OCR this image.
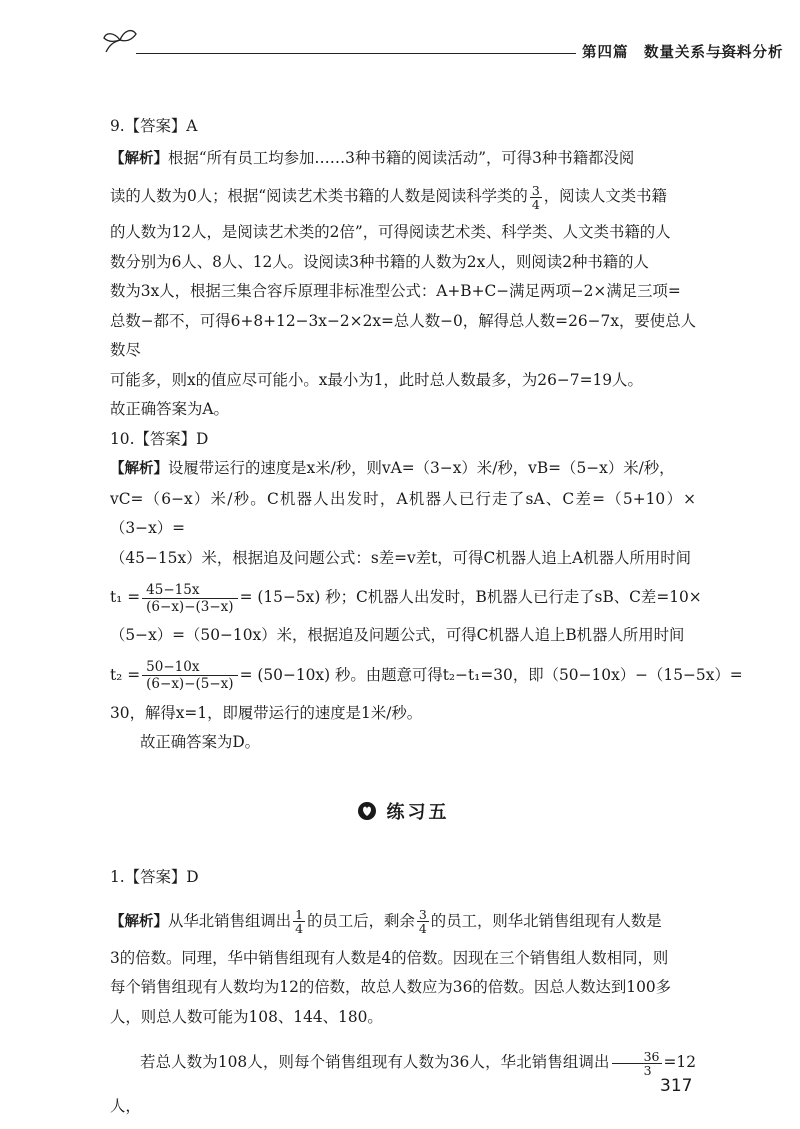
第四篇　数量关系与资料分析

9.【答案】A

【解析】根据“所有员工均参加……3种书籍的阅读活动”，可得3种书籍都没阅

读的人数为0人；根据“阅读艺术类书籍的人数是阅读科学类的 $\frac{3}{4}$ ，阅读人文类书籍

的人数为12人，是阅读艺术类的2倍”，可得阅读艺术类、科学类、人文类书籍的人

数分别为6人、8人、12人。设阅读3种书籍的人数为2x人，则阅读2种书籍的人

数为3x人，根据三集合容斥原理非标准型公式：A+B+C−满足两项−2×满足三项=

总数−都不，可得6+8+12−3x−2×2x=总人数−0，解得总人数=26−7x，要使总人数尽

可能多，则x的值应尽可能小。x最小为1，此时总人数最多，为26−7=19人。

故正确答案为A。

10.【答案】D

【解析】设履带运行的速度是x米/秒，则vA=（3−x）米/秒，vB=（5−x）米/秒，

vC=（6−x）米/秒。C机器人出发时，A机器人已行走了sA、C差=（5+10）×（3−x）=

（45−15x）米，根据追及问题公式：s差=v差t，可得C机器人追上A机器人所用时间

$t_1 = \frac{45-15x}{(6-x)-(3-x)} = (15-5x)$ 秒；C机器人出发时，B机器人已行走了sB、C差=10×

（5−x）=（50−10x）米，根据追及问题公式，可得C机器人追上B机器人所用时间

$t_2 = \frac{50-10x}{(6-x)-(5-x)} = (50-10x)$ 秒。由题意可得t₂−t₁=30，即（50−10x）−（15−5x）=

30，解得x=1，即履带运行的速度是1米/秒。

故正确答案为D。

练习五

1.【答案】D

【解析】从华北销售组调出 $\frac{1}{4}$ 的员工后，剩余 $\frac{3}{4}$ 的员工，则华北销售组现有人数是

3的倍数。同理，华中销售组现有人数是4的倍数。因现在三个销售组人数相同，则

每个销售组现有人数均为12的倍数，故总人数应为36的倍数。因总人数达到100多

人，则总人数可能为108、144、180。

若总人数为108人，则每个销售组现有人数为36人，华北销售组调出 $\frac{36}{3} =12$人，

317
